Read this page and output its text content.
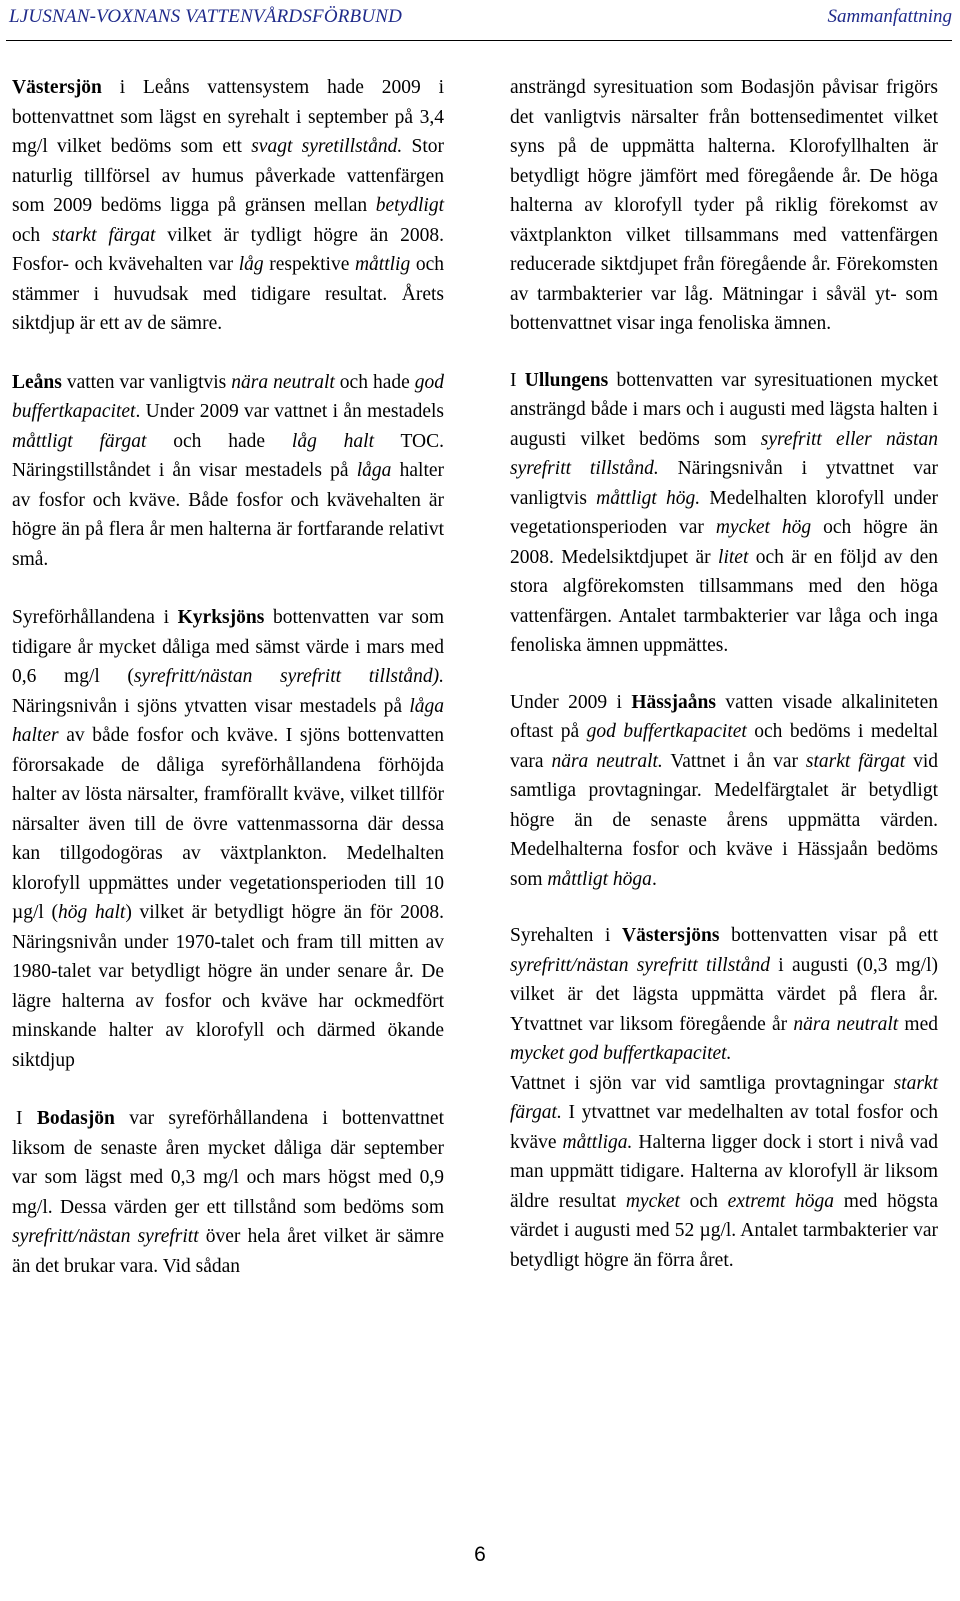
LJUSNAN-VOXNANS VATTENVÅRDSFÖRBUND	Sammanfattning

Västersjön i Leåns vattensystem hade 2009 i bottenvattnet som lägst en syrehalt i september på 3,4 mg/l vilket bedöms som ett svagt syretillstånd. Stor naturlig tillförsel av humus påverkade vattenfärgen som 2009 bedöms ligga på gränsen mellan betydligt och starkt färgat vilket är tydligt högre än 2008. Fosfor- och kvävehalten var låg respektive måttlig och stämmer i huvudsak med tidigare resultat. Årets siktdjup är ett av de sämre.

Leåns vatten var vanligtvis nära neutralt och hade god buffertkapacitet. Under 2009 var vattnet i ån mestadels måttligt färgat och hade låg halt TOC. Näringstillståndet i ån visar mestadels på låga halter av fosfor och kväve. Både fosfor och kvävehalten är högre än på flera år men halterna är fortfarande relativt små.

Syreförhållandena i Kyrksjöns bottenvatten var som tidigare år mycket dåliga med sämst värde i mars med 0,6 mg/l (syrefritt/nästan syrefritt tillstånd). Näringsnivån i sjöns ytvatten visar mestadels på låga halter av både fosfor och kväve. I sjöns bottenvatten förorsakade de dåliga syreförhållandena förhöjda halter av lösta närsalter, framförallt kväve, vilket tillför närsalter även till de övre vattenmassorna där dessa kan tillgodogöras av växtplankton. Medelhalten klorofyll uppmättes under vegetationsperioden till 10 µg/l (hög halt) vilket är betydligt högre än för 2008. Näringsnivån under 1970-talet och fram till mitten av 1980-talet var betydligt högre än under senare år. De lägre halterna av fosfor och kväve har ockmedfört minskande halter av klorofyll och därmed ökande siktdjup

I Bodasjön var syreförhållandena i bottenvattnet liksom de senaste åren mycket dåliga där september var som lägst med 0,3 mg/l och mars högst med 0,9 mg/l. Dessa värden ger ett tillstånd som bedöms som syrefritt/nästan syrefritt över hela året vilket är sämre än det brukar vara. Vid sådan

ansträngd syresituation som Bodasjön påvisar frigörs det vanligtvis närsalter från bottensedimentet vilket syns på de uppmätta halterna. Klorofyllhalten är betydligt högre jämfört med föregående år. De höga halterna av klorofyll tyder på riklig förekomst av växtplankton vilket tillsammans med vattenfärgen reducerade siktdjupet från föregående år. Förekomsten av tarmbakterier var låg. Mätningar i såväl yt- som bottenvattnet visar inga fenoliska ämnen.

I Ullungens bottenvatten var syresituationen mycket ansträngd både i mars och i augusti med lägsta halten i augusti vilket bedöms som syrefritt eller nästan syrefritt tillstånd. Näringsnivån i ytvattnet var vanligtvis måttligt hög. Medelhalten klorofyll under vegetationsperioden var mycket hög och högre än 2008. Medelsiktdjupet är litet och är en följd av den stora algförekomsten tillsammans med den höga vattenfärgen. Antalet tarmbakterier var låga och inga fenoliska ämnen uppmättes.

Under 2009 i Hässjaåns vatten visade alkaliniteten oftast på god buffertkapacitet och bedöms i medeltal vara nära neutralt. Vattnet i ån var starkt färgat vid samtliga provtagningar. Medelfärgtalet är betydligt högre än de senaste årens uppmätta värden. Medelhalterna fosfor och kväve i Hässjaån bedöms som måttligt höga.

Syrehalten i Västersjöns bottenvatten visar på ett syrefritt/nästan syrefritt tillstånd i augusti (0,3 mg/l) vilket är det lägsta uppmätta värdet på flera år. Ytvattnet var liksom föregående år nära neutralt med mycket god buffertkapacitet.

Vattnet i sjön var vid samtliga provtagningar starkt färgat. I ytvattnet var medelhalten av total fosfor och kväve måttliga. Halterna ligger dock i stort i nivå vad man uppmätt tidigare. Halterna av klorofyll är liksom äldre resultat mycket och extremt höga med högsta värdet i augusti med 52 µg/l. Antalet tarmbakterier var betydligt högre än förra året.

6
